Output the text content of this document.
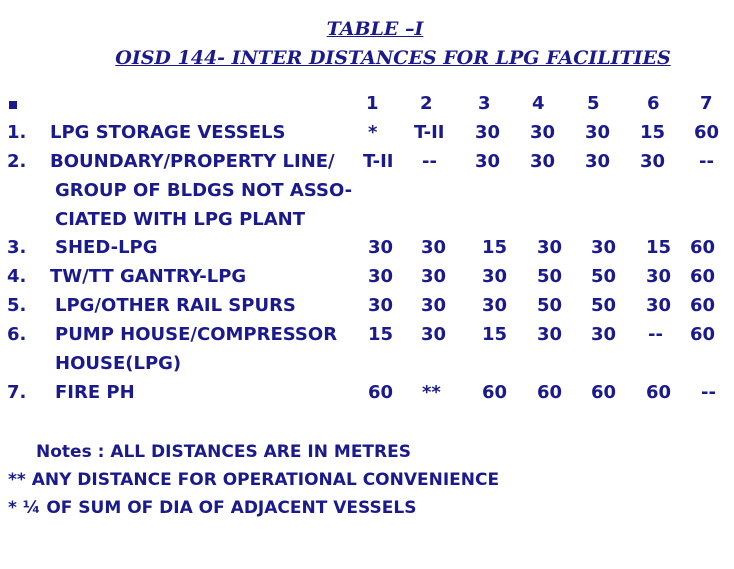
TABLE –I
OISD 144- INTER DISTANCES FOR LPG FACILITIES
1 2	3 4 5	6 7
1. LPG STORAGE VESSELS	* T-II 30 30 30 15 60
2. BOUNDARY/PROPERTY LINE/
GROUP OF BLDGS NOT ASSO-
CIATED WITH LPG PLANT
T-II -- 30 30 30 30 --
3. SHED-LPG	30 30 15 30 30 15 60
4. TW/TT GANTRY-LPG	30 30 30 50 50 30 60
5. LPG/OTHER RAIL SPURS	30 30 30 50 50 30 60
6. PUMP HOUSE/COMPRESSOR
HOUSE(LPG)
15 30 15 30 30 -- 60
7. FIRE PH	60 ** 60 60 60 60 --
Notes : ALL DISTANCES ARE IN METRES
** ANY DISTANCE FOR OPERATIONAL CONVENIENCE
* ¼ OF SUM OF DIA OF ADJACENT VESSELS
